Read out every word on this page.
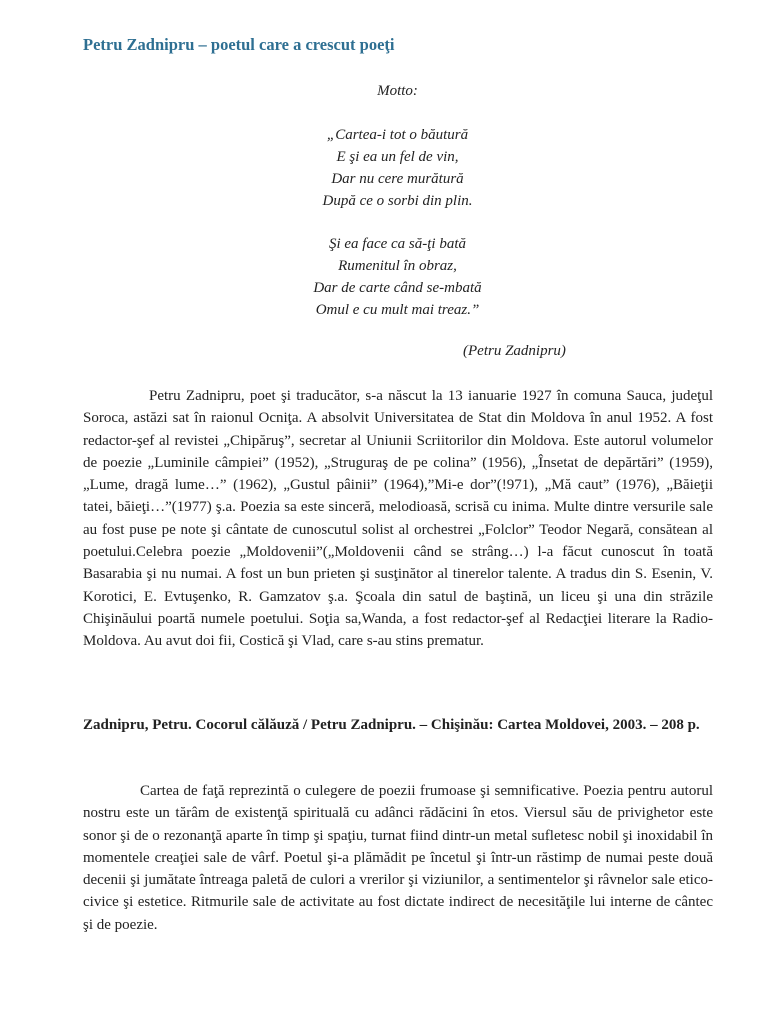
Petru Zadnipru – poetul care a crescut poeţi
Motto:
„Cartea-i tot o băutură
E şi ea un fel de vin,
Dar nu cere murătură
După ce o sorbi din plin.
Şi ea face ca să-ţi bată
Rumenitul în obraz,
Dar de carte când se-mbată
Omul e cu mult mai treaz.”
(Petru Zadnipru)

Petru Zadnipru, poet şi traducător, s-a născut la 13 ianuarie 1927 în comuna Sauca, judeţul Soroca, astăzi sat în raionul Ocniţa. A absolvit Universitatea de Stat din Moldova în anul 1952. A fost redactor-şef al revistei „Chipăruş”, secretar al Uniunii Scriitorilor din Moldova. Este autorul volumelor de poezie „Luminile câmpiei” (1952), „Struguraş de pe colina” (1956), „Însetat de depărtări” (1959), „Lume, dragă lume…” (1962), „Gustul pâinii” (1964),”Mi-e dor”(!971), „Mă caut” (1976), „Băieţii tatei, băieţi…”(1977) ş.a. Poezia sa este sinceră, melodioasă, scrisă cu inima. Multe dintre versurile sale au fost puse pe note şi cântate de cunoscutul solist al orchestrei „Folclor” Teodor Negară, consătean al poetului.Celebra poezie „Moldovenii”(„Moldovenii când se strâng…) l-a făcut cunoscut în toată Basarabia şi nu numai. A fost un bun prieten şi susţinător al tinerelor talente. A tradus din S. Esenin, V. Korotici, E. Evtuşenko, R. Gamzatov ş.a. Şcoala din satul de baştină, un liceu şi una din străzile Chişinăului poartă numele poetului. Soţia sa,Wanda, a fost redactor-şef al Redacţiei literare la Radio-Moldova. Au avut doi fii, Costică şi Vlad, care s-au stins prematur.

Zadnipru, Petru. Cocorul călăuză / Petru Zadnipru. – Chişinău: Cartea Moldovei, 2003. – 208 p.

Cartea de faţă reprezintă o culegere de poezii frumoase şi semnificative. Poezia pentru autorul nostru este un tărâm de existenţă spirituală cu adânci rădăcini în etos. Viersul său de privighetor este sonor şi de o rezonanţă aparte în timp şi spaţiu, turnat fiind dintr-un metal sufletesc nobil şi inoxidabil în momentele creaţiei sale de vârf. Poetul şi-a plămădit pe încetul şi într-un răstimp de numai peste două decenii şi jumătate întreaga paletă de culori a vrerilor şi viziunilor, a sentimentelor şi râvnelor sale etico-civice şi estetice. Ritmurile sale de activitate au fost dictate indirect de necesităţile lui interne de cântec şi de poezie.
